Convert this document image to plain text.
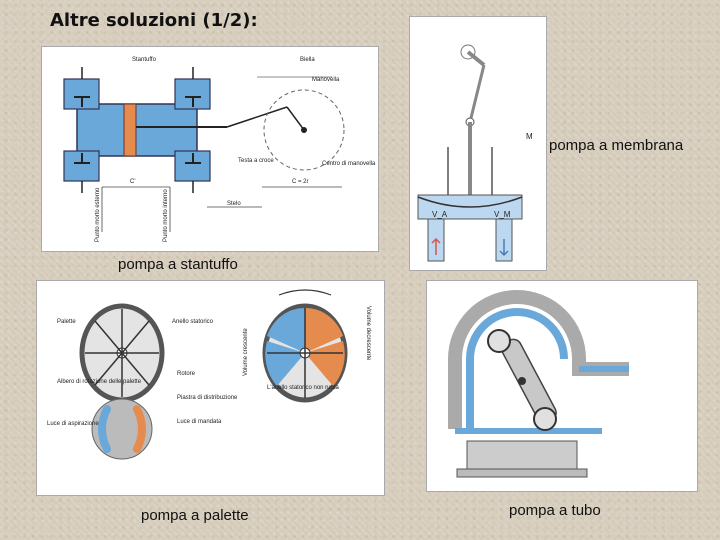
Altre soluzioni (1/2):
Stantuffo	Biella
Manovella
Testa a croce	Centro di manovella
C'	C = 2r
Stelo
Punto morto esterno	Punto morto interno
pompa a stantuffo
M
V_A	V_M
pompa a membrana
Palette	Anello statorico
Volume crescente	Volume decrescente
Albero di rotazione delle palette
Rotore
L'anello statorico non ruota
Piastra di distribuzione
Luce di aspirazione	Luce di mandata
pompa a palette	pompa a tubo
